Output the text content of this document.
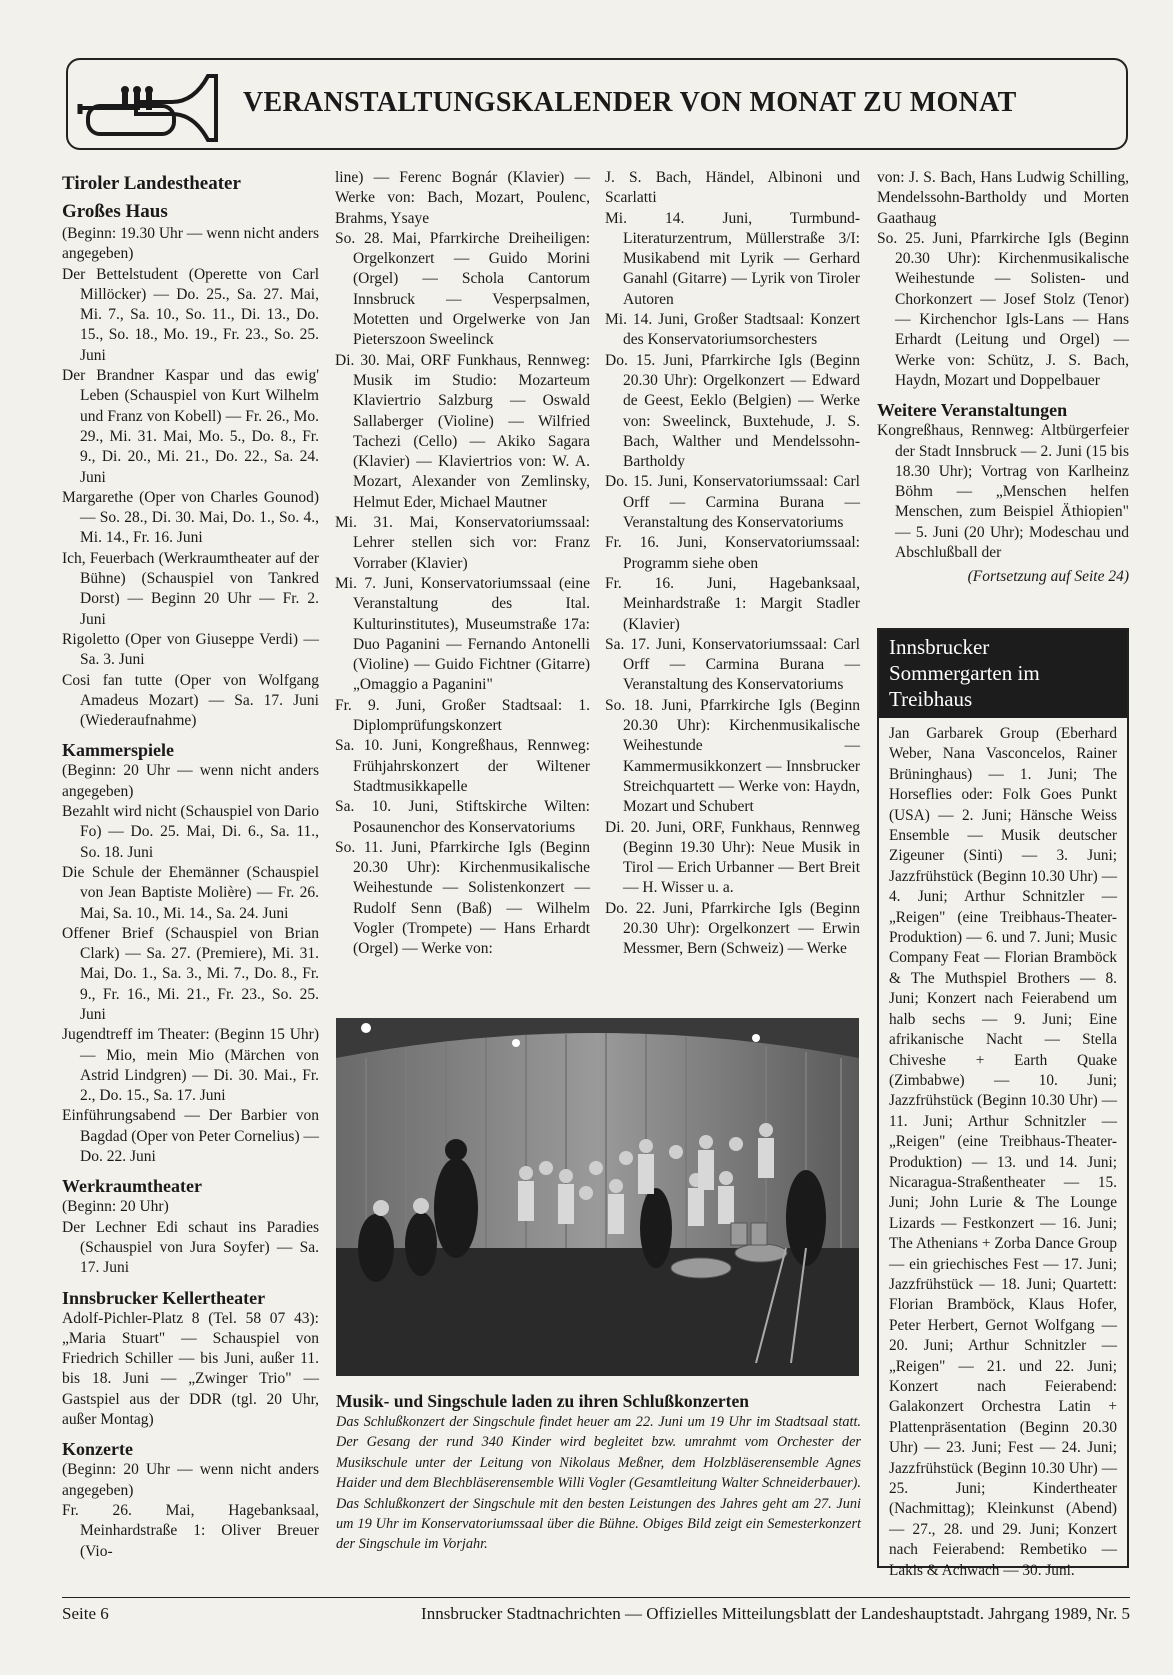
VERANSTALTUNGSKALENDER VON MONAT ZU MONAT

Tiroler Landestheater

Großes Haus

(Beginn: 19.30 Uhr — wenn nicht anders angegeben)

Der Bettelstudent (Operette von Carl Millöcker) — Do. 25., Sa. 27. Mai, Mi. 7., Sa. 10., So. 11., Di. 13., Do. 15., So. 18., Mo. 19., Fr. 23., So. 25. Juni

Der Brandner Kaspar und das ewig' Leben (Schauspiel von Kurt Wilhelm und Franz von Kobell) — Fr. 26., Mo. 29., Mi. 31. Mai, Mo. 5., Do. 8., Fr. 9., Di. 20., Mi. 21., Do. 22., Sa. 24. Juni

Margarethe (Oper von Charles Gounod) — So. 28., Di. 30. Mai, Do. 1., So. 4., Mi. 14., Fr. 16. Juni

Ich, Feuerbach (Werkraumtheater auf der Bühne) (Schauspiel von Tankred Dorst) — Beginn 20 Uhr — Fr. 2. Juni

Rigoletto (Oper von Giuseppe Verdi) — Sa. 3. Juni

Cosi fan tutte (Oper von Wolfgang Amadeus Mozart) — Sa. 17. Juni (Wiederaufnahme)

Kammerspiele

(Beginn: 20 Uhr — wenn nicht anders angegeben)

Bezahlt wird nicht (Schauspiel von Dario Fo) — Do. 25. Mai, Di. 6., Sa. 11., So. 18. Juni

Die Schule der Ehemänner (Schauspiel von Jean Baptiste Molière) — Fr. 26. Mai, Sa. 10., Mi. 14., Sa. 24. Juni

Offener Brief (Schauspiel von Brian Clark) — Sa. 27. (Premiere), Mi. 31. Mai, Do. 1., Sa. 3., Mi. 7., Do. 8., Fr. 9., Fr. 16., Mi. 21., Fr. 23., So. 25. Juni

Jugendtreff im Theater: (Beginn 15 Uhr) — Mio, mein Mio (Märchen von Astrid Lindgren) — Di. 30. Mai., Fr. 2., Do. 15., Sa. 17. Juni

Einführungsabend — Der Barbier von Bagdad (Oper von Peter Cornelius) — Do. 22. Juni

Werkraumtheater

(Beginn: 20 Uhr)

Der Lechner Edi schaut ins Paradies (Schauspiel von Jura Soyfer) — Sa. 17. Juni

Innsbrucker Kellertheater

Adolf-Pichler-Platz 8 (Tel. 58 07 43): „Maria Stuart" — Schauspiel von Friedrich Schiller — bis Juni, außer 11. bis 18. Juni — „Zwinger Trio" — Gastspiel aus der DDR (tgl. 20 Uhr, außer Montag)

Konzerte

(Beginn: 20 Uhr — wenn nicht anders angegeben)

Fr. 26. Mai, Hagebanksaal, Meinhardstraße 1: Oliver Breuer (Vio-

line) — Ferenc Bognár (Klavier) — Werke von: Bach, Mozart, Poulenc, Brahms, Ysaye

So. 28. Mai, Pfarrkirche Dreiheiligen: Orgelkonzert — Guido Morini (Orgel) — Schola Cantorum Innsbruck — Vesperpsalmen, Motetten und Orgelwerke von Jan Pieterszoon Sweelinck

Di. 30. Mai, ORF Funkhaus, Rennweg: Musik im Studio: Mozarteum Klaviertrio Salzburg — Oswald Sallaberger (Violine) — Wilfried Tachezi (Cello) — Akiko Sagara (Klavier) — Klaviertrios von: W. A. Mozart, Alexander von Zemlinsky, Helmut Eder, Michael Mautner

Mi. 31. Mai, Konservatoriumssaal: Lehrer stellen sich vor: Franz Vorraber (Klavier)

Mi. 7. Juni, Konservatoriumssaal (eine Veranstaltung des Ital. Kulturinstitutes), Museumstraße 17a: Duo Paganini — Fernando Antonelli (Violine) — Guido Fichtner (Gitarre) „Omaggio a Paganini"

Fr. 9. Juni, Großer Stadtsaal: 1. Diplomprüfungskonzert

Sa. 10. Juni, Kongreßhaus, Rennweg: Frühjahrskonzert der Wiltener Stadtmusikkapelle

Sa. 10. Juni, Stiftskirche Wilten: Posaunenchor des Konservatoriums

So. 11. Juni, Pfarrkirche Igls (Beginn 20.30 Uhr): Kirchenmusikalische Weihestunde — Solistenkonzert — Rudolf Senn (Baß) — Wilhelm Vogler (Trompete) — Hans Erhardt (Orgel) — Werke von:

J. S. Bach, Händel, Albinoni und Scarlatti

Mi. 14. Juni, Turmbund-Literaturzentrum, Müllerstraße 3/I: Musikabend mit Lyrik — Gerhard Ganahl (Gitarre) — Lyrik von Tiroler Autoren

Mi. 14. Juni, Großer Stadtsaal: Konzert des Konservatoriumsorchesters

Do. 15. Juni, Pfarrkirche Igls (Beginn 20.30 Uhr): Orgelkonzert — Edward de Geest, Eeklo (Belgien) — Werke von: Sweelinck, Buxtehude, J. S. Bach, Walther und Mendelssohn-Bartholdy

Do. 15. Juni, Konservatoriumssaal: Carl Orff — Carmina Burana — Veranstaltung des Konservatoriums

Fr. 16. Juni, Konservatoriumssaal: Programm siehe oben

Fr. 16. Juni, Hagebanksaal, Meinhardstraße 1: Margit Stadler (Klavier)

Sa. 17. Juni, Konservatoriumssaal: Carl Orff — Carmina Burana — Veranstaltung des Konservatoriums

So. 18. Juni, Pfarrkirche Igls (Beginn 20.30 Uhr): Kirchenmusikalische Weihestunde — Kammermusikkonzert — Innsbrucker Streichquartett — Werke von: Haydn, Mozart und Schubert

Di. 20. Juni, ORF, Funkhaus, Rennweg (Beginn 19.30 Uhr): Neue Musik in Tirol — Erich Urbanner — Bert Breit — H. Wisser u. a.

Do. 22. Juni, Pfarrkirche Igls (Beginn 20.30 Uhr): Orgelkonzert — Erwin Messmer, Bern (Schweiz) — Werke

von: J. S. Bach, Hans Ludwig Schilling, Mendelssohn-Bartholdy und Morten Gaathaug

So. 25. Juni, Pfarrkirche Igls (Beginn 20.30 Uhr): Kirchenmusikalische Weihestunde — Solisten- und Chorkonzert — Josef Stolz (Tenor) — Kirchenchor Igls-Lans — Hans Erhardt (Leitung und Orgel) — Werke von: Schütz, J. S. Bach, Haydn, Mozart und Doppelbauer

Weitere Veranstaltungen

Kongreßhaus, Rennweg: Altbürgerfeier der Stadt Innsbruck — 2. Juni (15 bis 18.30 Uhr); Vortrag von Karlheinz Böhm — „Menschen helfen Menschen, zum Beispiel Äthiopien" — 5. Juni (20 Uhr); Modeschau und Abschlußball der

(Fortsetzung auf Seite 24)

Musik- und Singschule laden zu ihren Schlußkonzerten
Das Schlußkonzert der Singschule findet heuer am 22. Juni um 19 Uhr im Stadtsaal statt. Der Gesang der rund 340 Kinder wird begleitet bzw. umrahmt vom Orchester der Musikschule unter der Leitung von Nikolaus Meßner, dem Holzbläserensemble Agnes Haider und dem Blechbläserensemble Willi Vogler (Gesamtleitung Walter Schneiderbauer). Das Schlußkonzert der Singschule mit den besten Leistungen des Jahres geht am 27. Juni um 19 Uhr im Konservatoriumssaal über die Bühne. Obiges Bild zeigt ein Semesterkonzert der Singschule im Vorjahr.
Innsbrucker Sommergarten im Treibhaus
Jan Garbarek Group (Eberhard Weber, Nana Vasconcelos, Rainer Brüninghaus) — 1. Juni; The Horseflies oder: Folk Goes Punkt (USA) — 2. Juni; Hänsche Weiss Ensemble — Musik deutscher Zigeuner (Sinti) — 3. Juni; Jazzfrühstück (Beginn 10.30 Uhr) — 4. Juni; Arthur Schnitzler — „Reigen" (eine Treibhaus-Theater-Produktion) — 6. und 7. Juni; Music Company Feat — Florian Bramböck & The Muthspiel Brothers — 8. Juni; Konzert nach Feierabend um halb sechs — 9. Juni; Eine afrikanische Nacht — Stella Chiveshe + Earth Quake (Zimbabwe) — 10. Juni; Jazzfrühstück (Beginn 10.30 Uhr) — 11. Juni; Arthur Schnitzler — „Reigen" (eine Treibhaus-Theater-Produktion) — 13. und 14. Juni; Nicaragua-Straßentheater — 15. Juni; John Lurie & The Lounge Lizards — Festkonzert — 16. Juni; The Athenians + Zorba Dance Group — ein griechisches Fest — 17. Juni; Jazzfrühstück — 18. Juni; Quartett: Florian Bramböck, Klaus Hofer, Peter Herbert, Gernot Wolfgang — 20. Juni; Arthur Schnitzler — „Reigen" — 21. und 22. Juni; Konzert nach Feierabend: Galakonzert Orchestra Latin + Plattenpräsentation (Beginn 20.30 Uhr) — 23. Juni; Fest — 24. Juni; Jazzfrühstück (Beginn 10.30 Uhr) — 25. Juni; Kindertheater (Nachmittag); Kleinkunst (Abend) — 27., 28. und 29. Juni; Konzert nach Feierabend: Rembetiko — Lakis & Achwach — 30. Juni.
Seite 6	Innsbrucker Stadtnachrichten — Offizielles Mitteilungsblatt der Landeshauptstadt. Jahrgang 1989, Nr. 5
